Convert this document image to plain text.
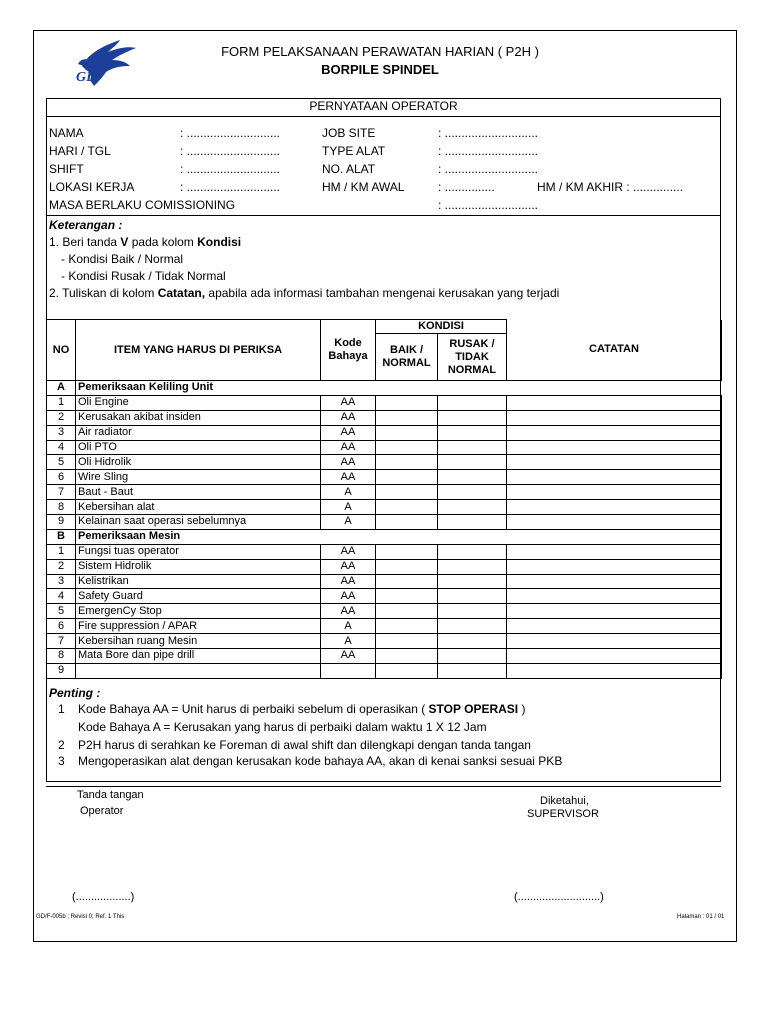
GD
FORM PELAKSANAAN PERAWATAN HARIAN ( P2H )
BORPILE SPINDEL
PERNYATAAN OPERATOR
NAMA	: ............................
HARI / TGL	: ............................
SHIFT	: ............................
LOKASI KERJA	: ............................
MASA BERLAKU COMISSIONING
JOB SITE	: ............................
TYPE ALAT	: ............................
NO. ALAT	: ............................
HM / KM AWAL	: ...............	HM / KM AKHIR : ...............
: ............................
Keterangan :
1. Beri tanda V pada kolom Kondisi
- Kondisi Baik / Normal
- Kondisi Rusak / Tidak Normal
2. Tuliskan di kolom Catatan, apabila ada informasi tambahan mengenai kerusakan yang terjadi
NO	ITEM YANG HARUS DI PERIKSA	Kode Bahaya	KONDISI		CATATAN
			BAIK / NORMAL	RUSAK / TIDAK NORMAL	
A	Pemeriksaan Keliling Unit				
1	Oli Engine	AA			
2	Kerusakan akibat insiden	AA			
3	Air radiator	AA			
4	Oli PTO	AA			
5	Oli Hidrolik	AA			
6	Wire Sling	AA			
7	Baut - Baut	A			
8	Kebersihan alat	A			
9	Kelainan saat operasi sebelumnya	A			
B	Pemeriksaan Mesin				
1	Fungsi tuas operator	AA			
2	Sistem Hidrolik	AA			
3	Kelistrikan	AA			
4	Safety Guard	AA			
5	EmergenCy Stop	AA			
6	Fire suppression / APAR	A			
7	Kebersihan ruang Mesin	A			
8	Mata Bore dan pipe drill	AA			
9					
Penting :
1 Kode Bahaya AA = Unit harus di perbaiki sebelum di operasikan ( STOP OPERASI )
Kode Bahaya A = Kerusakan yang harus di perbaiki dalam waktu 1 X 12 Jam
2 P2H harus di serahkan ke Foreman di awal shift dan dilengkapi dengan tanda tangan
3 Mengoperasikan alat dengan kerusakan kode bahaya AA, akan di kenai sanksi sesuai PKB
Tanda tangan
Operator
Diketahui,
SUPERVISOR
(..................)	(...........................)
GD/F-005b ; Revisi 0; Ref. 1 This	Halaman : 01 / 01
